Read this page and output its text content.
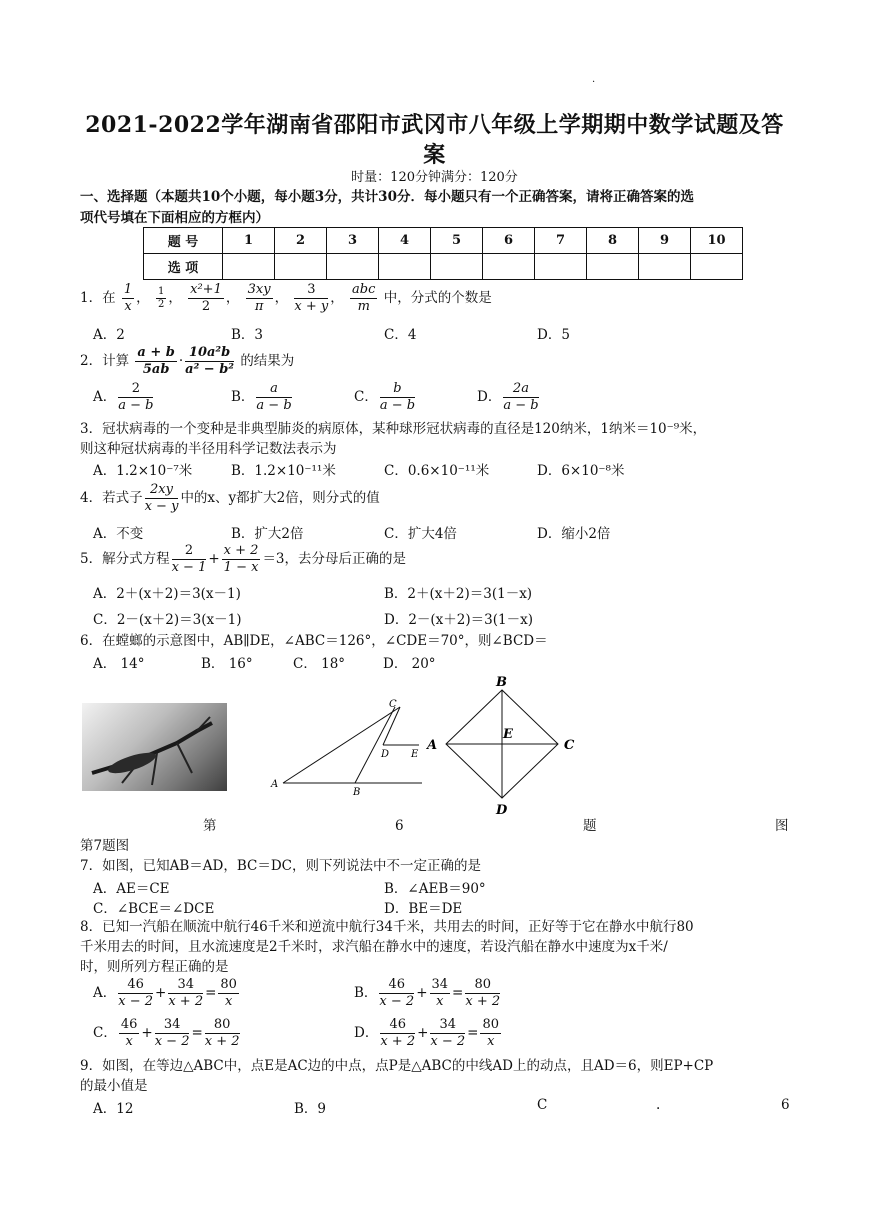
.
2021-2022学年湖南省邵阳市武冈市八年级上学期期中数学试题及答
案
时量：120分钟满分：120分
一、选择题（本题共10个小题，每小题3分，共计30分．每小题只有一个正确答案，请将正确答案的选
项代号填在下面相应的方框内）
题 号	1	2	3	4	5	6	7	8	9	10
选 项										
1．在 $\frac{1}{x}$ ， $\frac{1}{2}$ ， $\frac{\text{x²+1}}{2}$ ， $\frac{3xy}{\pi}$ ， $\frac{3}{x + y}$ ， $\frac{\text{abc}}{m}$ 中，分式的个数是
A．2	B．3	C．4	D．5
2．计算 $\frac{a + b}{5ab} \cdot \frac{\text{10a²b}}{\text{a² − b²}}$ 的结果为
A． $\frac{2}{a - b}$	B． $\frac{a}{a - b}$	C． $\frac{b}{a - b}$	D． $\frac{2a}{a - b}$
3．冠状病毒的一个变种是非典型肺炎的病原体，某种球形冠状病毒的直径是120纳米，1纳米＝10⁻⁹米，
则这种冠状病毒的半径用科学记数法表示为
A．1.2×10⁻⁷米	B．1.2×10⁻¹¹米	C．0.6×10⁻¹¹米	D．6×10⁻⁸米
4．若式子 $\frac{2xy}{x - y}$ 中的x、y都扩大2倍，则分式的值
A．不变	B．扩大2倍	C．扩大4倍	D．缩小2倍
5．解分式方程 $\frac{2}{x - 1} + \frac{x + 2}{1 - x} =3$，去分母后正确的是
A．2＋(x＋2)＝3(x－1)	B．2＋(x＋2)＝3(1－x)
C．2－(x＋2)＝3(x－1)	D．2－(x＋2)＝3(1－x)
6．在螳螂的示意图中，AB∥DE，∠ABC＝126°，∠CDE＝70°，则∠BCD＝
A． 14°	B． 16°	C． 18°	D． 20°
C
D E
A
B
B
A
E
C
D
第	6	题	图
第7题图
7．如图，已知AB＝AD，BC＝DC，则下列说法中不一定正确的是
A．AE＝CE	B．∠AEB＝90°
C．∠BCE＝∠DCE	D．BE＝DE
8．已知一汽船在顺流中航行46千米和逆流中航行34千米，共用去的时间，正好等于它在静水中航行80
千米用去的时间，且水流速度是2千米时，求汽船在静水中的速度，若设汽船在静水中速度为x千米/
时，则所列方程正确的是
A． $\frac{46}{x - 2} + \frac{34}{x + 2} = \frac{80}{x}$	B． $\frac{46}{x - 2} + \frac{34}{x} = \frac{80}{x + 2}$
C． $\frac{46}{x} + \frac{34}{x - 2} = \frac{80}{x + 2}$	D． $\frac{46}{x + 2} + \frac{34}{x - 2} = \frac{80}{x}$
9．如图，在等边△ABC中，点E是AC边的中点，点P是△ABC的中线AD上的动点，且AD＝6，则EP+CP
的最小值是
A．12	B．9	C	.	6
